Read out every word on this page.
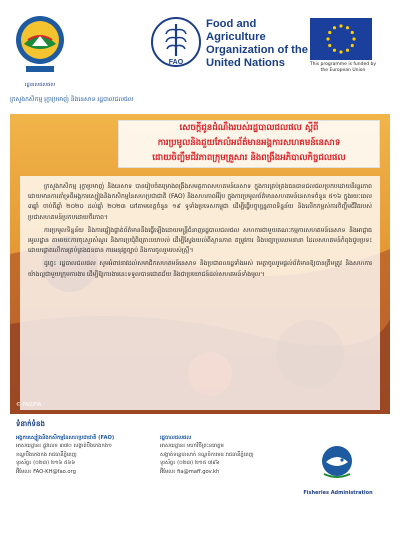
រដ្ឋបាលជលផល
FAO
Food and Agriculture Organization of the United Nations	This programme is funded by the European Union
ក្រសួងកសិកម្ម រុក្ខាប្រមាញ់ និងនេសាទ រដ្ឋបាលជលផល
សេចក្តីជូនដំណឹងរបស់រដ្ឋបាលជលផល ស្តីពី
ការប្រមូលនិងជួយកែលំអព័ត៌មានអង្គការសហគមន៍នេសាទ
ដោយចិញ្ចឹមជីវភាពក្រុមគ្រួសារ និងពង្រឹងអភិបាលកិច្ចជលផល

ក្រសួងកសិកម្ម រុក្ខាប្រមាញ់ និងនេសាទ បានរៀបចំគម្រោងពង្រឹងសមត្ថភាពសហគមន៍នេសាទ ក្នុងការគ្រប់គ្រងធនធានជលផលប្រកបដោយនិរន្តរភាព ដោយមានការគាំទ្រពីអង្គការស្បៀងនិងកសិកម្មនៃសហប្រជាជាតិ (FAO) និងសហភាពអឺរ៉ុប ក្នុងការប្រមូលព័ត៌មានសហគមន៍នេសាទចំនួន ៥១៦ ក្នុងរយៈពេល ៣ឆ្នាំ ចាប់ពីឆ្នាំ ២០២០ ដល់ឆ្នាំ ២០២៣ នៅតាមខេត្តចំនួន ១៩ ទូទាំងប្រទេសកម្ពុជា ដើម្បីធ្វើបច្ចុប្បន្នភាពទិន្នន័យ និងលើកកម្ពស់ការចិញ្ចឹមជីវិតរបស់ប្រជាសហគមន៍ប្រកបដោយចីរភាព។

ការប្រមូលទិន្នន័យ និងការផ្ទៀងផ្ទាត់ព័ត៌មាននឹងធ្វើឡើងដោយមន្ត្រីជំនាញរដ្ឋបាលជលផល សហការជាមួយគណៈកម្មការសហគមន៍នេសាទ និងអាជ្ញាធរមូលដ្ឋាន តាមរយៈការចុះសួរសំណួរ និងការប្រជុំពិគ្រោះយោបល់ ដើម្បីស្វែងយល់ពីស្ថានភាព តម្រូវការ និងបញ្ហាប្រឈមនានា ដែលសហគមន៍កំពុងជួបប្រទះ ដោយផ្តោតលើការគ្រប់គ្រងធនធាន ការអនុវត្តច្បាប់ និងការចូលរួមរបស់ស្ត្រី។

ដូច្នេះ រដ្ឋបាលជលផល សូមអំពាវនាវដល់សមាជិកសហគមន៍នេសាទ និងប្រជាពលរដ្ឋទាំងអស់ មេត្តាចូលរួមផ្តល់ព័ត៌មានឱ្យបានត្រឹមត្រូវ និងសហការយ៉ាងល្អជាមួយក្រុមការងារ ដើម្បីឱ្យការងារនេះទទួលបានជោគជ័យ និងជាប្រយោជន៍ដល់សហគមន៍ទាំងមូល។

© FAO/FiA
ទំនាក់ទំនង
អង្គការស្បៀងនិងកសិកម្មនៃសហប្រជាជាតិ (FAO)
អាសយដ្ឋាន៖ ផ្លូវលេខ ៣៧០ សង្កាត់បឹងកេងកង១
ខណ្ឌបឹងកេងកង រាជធានីភ្នំពេញ
ទូរស័ព្ទ៖ (០២៣) ២១៦ ៥៦៦
អ៊ីមែល៖ FAO-KH@fao.org
រដ្ឋបាលជលផល
អាសយដ្ឋាន៖ មហាវិថីព្រះនរោត្តម
សង្កាត់ទន្លេបាសាក់ ខណ្ឌចំការមន រាជធានីភ្នំពេញ
ទូរស័ព្ទ៖ (០២៣) ២១៥ ៧៩៦
អ៊ីមែល៖ fia@maff.gov.kh
Fisheries Administration
